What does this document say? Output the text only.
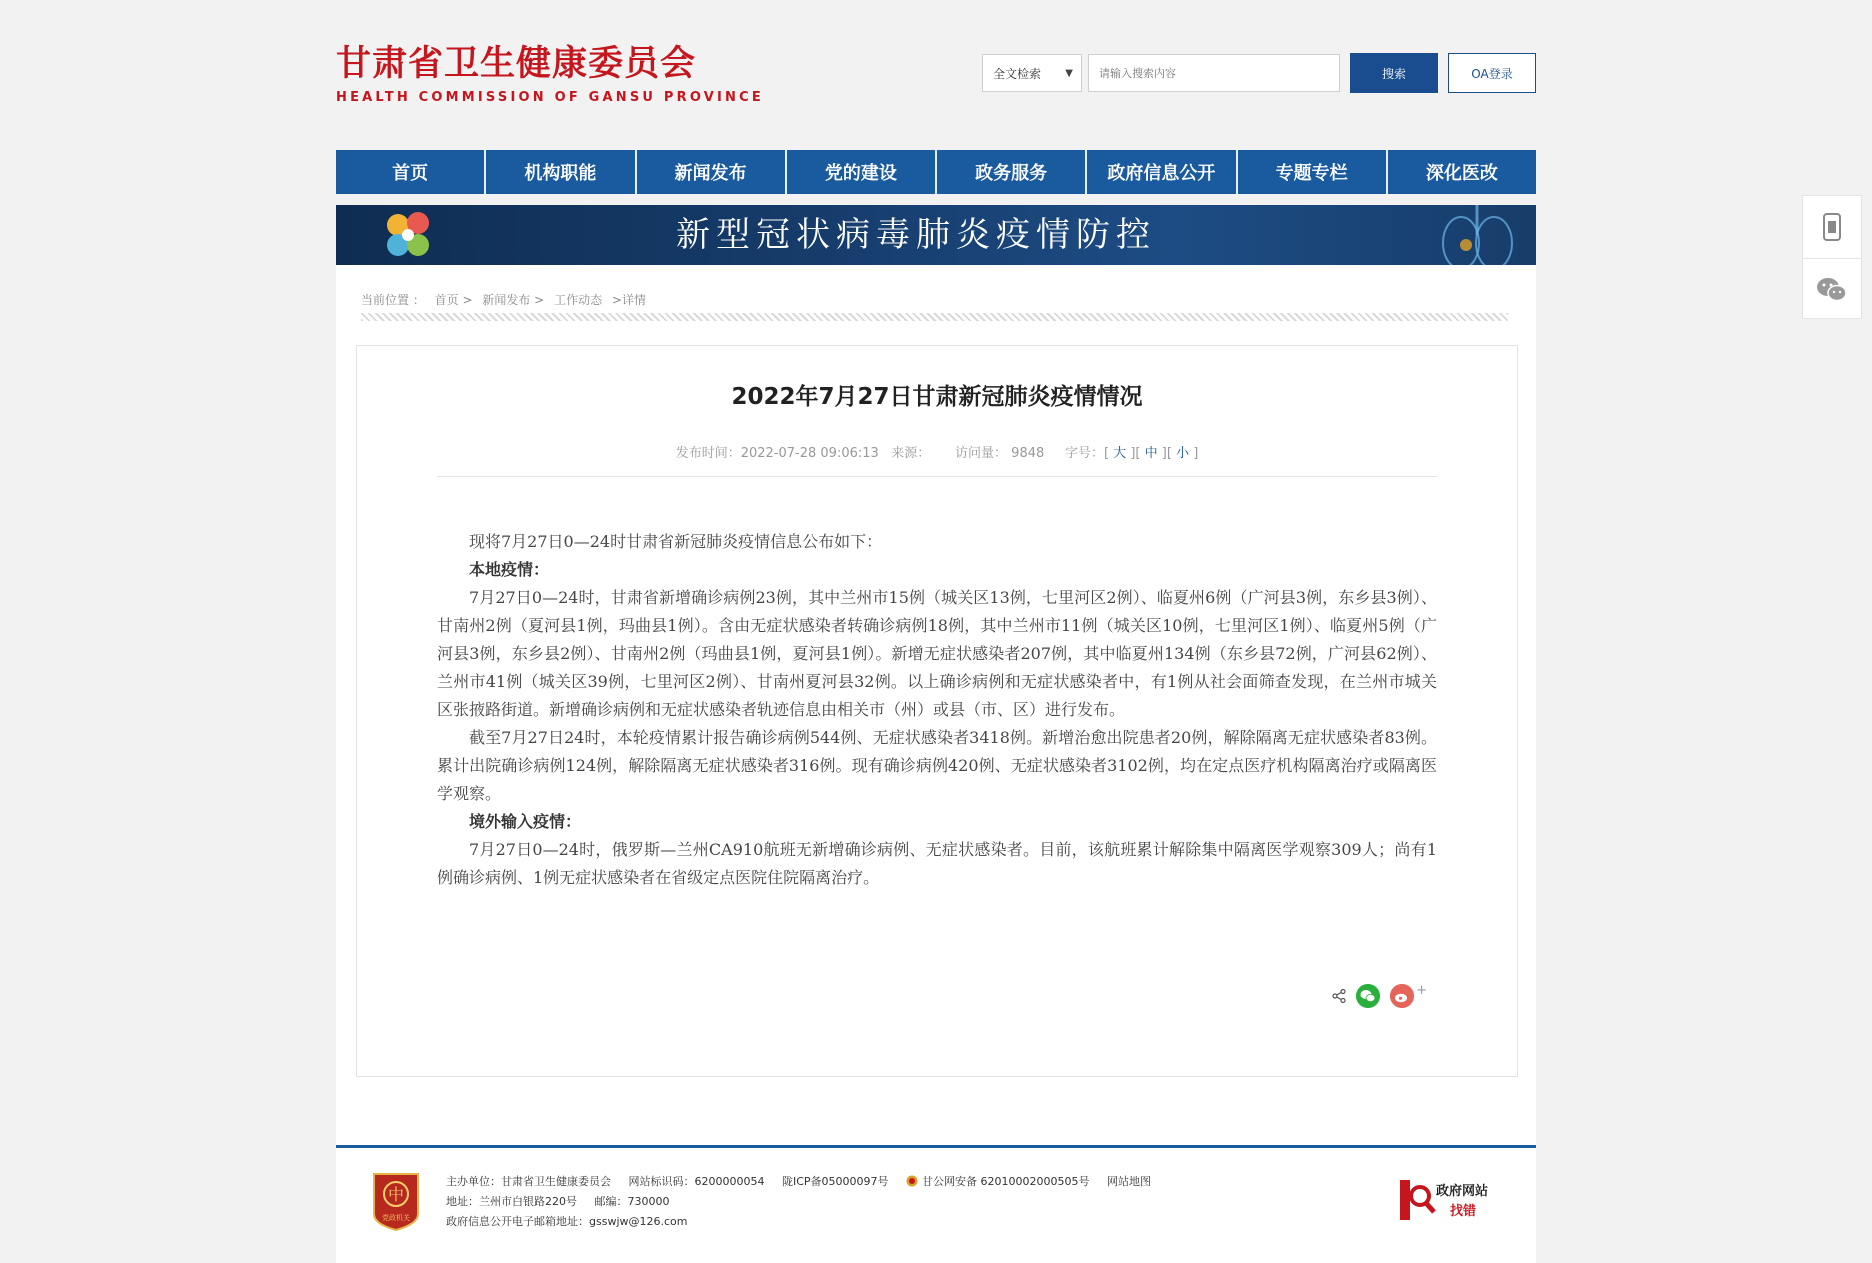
甘肃省卫生健康委员会
HEALTH COMMISSION OF GANSU PROVINCE
全文检索 ▼
请输入搜索内容	搜索	OA登录
首页	机构职能	新闻发布	党的建设	政务服务	政府信息公开	专题专栏	深化医改
新型冠状病毒肺炎疫情防控
当前位置 ： 首页 > 新闻发布 > 工作动态 >详情
2022年7月27日甘肃新冠肺炎疫情情况
发布时间：2022-07-28 09:06:13 来源： 访问量： 9848 字号：[ 大 ][ 中 ][ 小 ]

现将7月27日0—24时甘肃省新冠肺炎疫情信息公布如下：

本地疫情：

7月27日0—24时，甘肃省新增确诊病例23例，其中兰州市15例（城关区13例，七里河区2例）、临夏州6例（广河县3例，东乡县3例）、甘南州2例（夏河县1例，玛曲县1例）。含由无症状感染者转确诊病例18例，其中兰州市11例（城关区10例，七里河区1例）、临夏州5例（广河县3例，东乡县2例）、甘南州2例（玛曲县1例，夏河县1例）。新增无症状感染者207例，其中临夏州134例（东乡县72例，广河县62例）、兰州市41例（城关区39例，七里河区2例）、甘南州夏河县32例。以上确诊病例和无症状感染者中，有1例从社会面筛查发现，在兰州市城关区张掖路街道。新增确诊病例和无症状感染者轨迹信息由相关市（州）或县（市、区）进行发布。

截至7月27日24时，本轮疫情累计报告确诊病例544例、无症状感染者3418例。新增治愈出院患者20例，解除隔离无症状感染者83例。累计出院确诊病例124例，解除隔离无症状感染者316例。现有确诊病例420例、无症状感染者3102例，均在定点医疗机构隔离治疗或隔离医学观察。

境外输入疫情：

7月27日0—24时，俄罗斯—兰州CA910航班无新增确诊病例、无症状感染者。目前，该航班累计解除集中隔离医学观察309人；尚有1例确诊病例、1例无症状感染者在省级定点医院住院隔离治疗。

+
中
党政机关
主办单位：甘肃省卫生健康委员会 网站标识码：6200000054 陇ICP备05000097号	甘公网安备 62010002000505号 网站地图
地址：兰州市白银路220号 邮编：730000
政府信息公开电子邮箱地址：gsswjw@126.com
政府网站
找错
